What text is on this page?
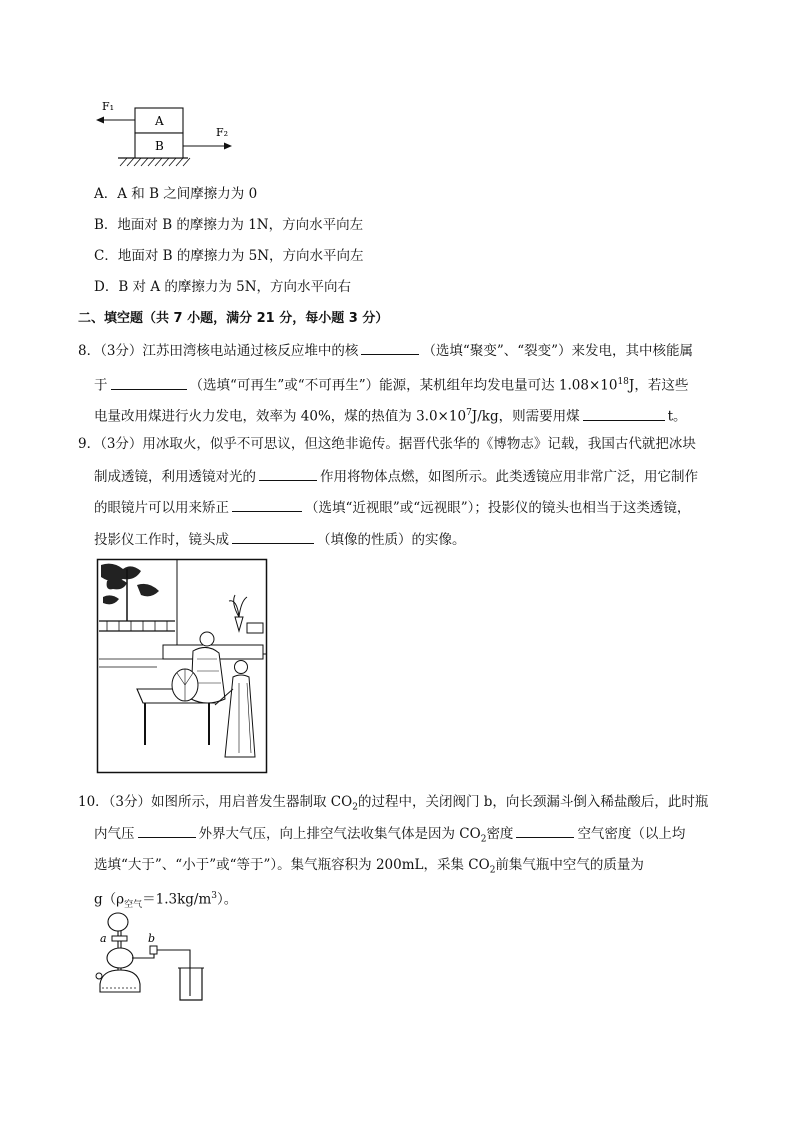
F₁
A
B
F₂
A．A 和 B 之间摩擦力为 0
B．地面对 B 的摩擦力为 1N，方向水平向左
C．地面对 B 的摩擦力为 5N，方向水平向左
D．B 对 A 的摩擦力为 5N，方向水平向右
二、填空题（共 7 小题，满分 21 分，每小题 3 分）
8．（3分）江苏田湾核电站通过核反应堆中的核	（选填“聚变”、“裂变”）来发电，其中核能属
于	（选填“可再生”或“不可再生”）能源，某机组年均发电量可达 $1.08\times 10^{18}J$，若这些
电量改用煤进行火力发电，效率为 40%，煤的热值为 $3.0\times 10^7J/kg$，则需要用煤	t。
9．（3分）用冰取火，似乎不可思议，但这绝非诡传。据晋代张华的《博物志》记载，我国古代就把冰块
制成透镜，利用透镜对光的	作用将物体点燃，如图所示。此类透镜应用非常广泛，用它制作
的眼镜片可以用来矫正	（选填“近视眼”或“远视眼”）；投影仪的镜头也相当于这类透镜，
投影仪工作时，镜头成	（填像的性质）的实像。
10．（3分）如图所示，用启普发生器制取 $CO_2$的过程中，关闭阀门 b，向长颈漏斗倒入稀盐酸后，此时瓶
内气压	外界大气压，向上排空气法收集气体是因为 $CO_2$密度	空气密度（以上均
选填“大于”、“小于”或“等于”）。集气瓶容积为 200mL，采集 $CO_2$前集气瓶中空气的质量为
$g(\rho_{空气}=1.3kg/m^3)$。
a	b
